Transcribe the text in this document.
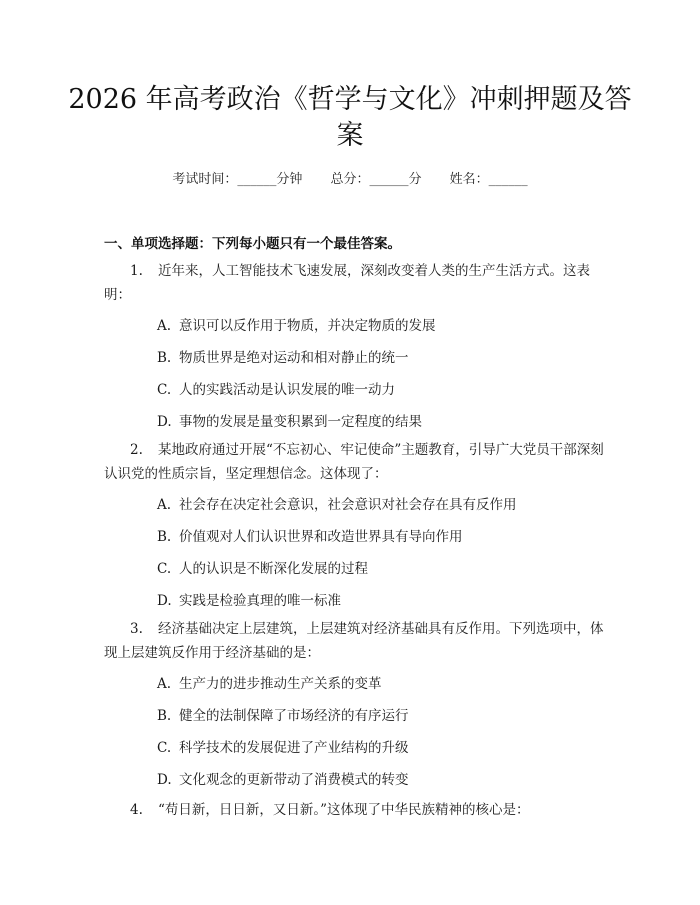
2026 年高考政治《哲学与文化》冲刺押题及答案
考试时间：______分钟 总分：______分 姓名：______
一、单项选择题：下列每小题只有一个最佳答案。
1. 近年来，人工智能技术飞速发展，深刻改变着人类的生产生活方式。这表明：
A. 意识可以反作用于物质，并决定物质的发展
B. 物质世界是绝对运动和相对静止的统一
C. 人的实践活动是认识发展的唯一动力
D. 事物的发展是量变积累到一定程度的结果
2. 某地政府通过开展“不忘初心、牢记使命”主题教育，引导广大党员干部深刻认识党的性质宗旨，坚定理想信念。这体现了：
A. 社会存在决定社会意识，社会意识对社会存在具有反作用
B. 价值观对人们认识世界和改造世界具有导向作用
C. 人的认识是不断深化发展的过程
D. 实践是检验真理的唯一标准
3. 经济基础决定上层建筑，上层建筑对经济基础具有反作用。下列选项中，体现上层建筑反作用于经济基础的是：
A. 生产力的进步推动生产关系的变革
B. 健全的法制保障了市场经济的有序运行
C. 科学技术的发展促进了产业结构的升级
D. 文化观念的更新带动了消费模式的转变
4. “苟日新，日日新，又日新。”这体现了中华民族精神的核心是：
